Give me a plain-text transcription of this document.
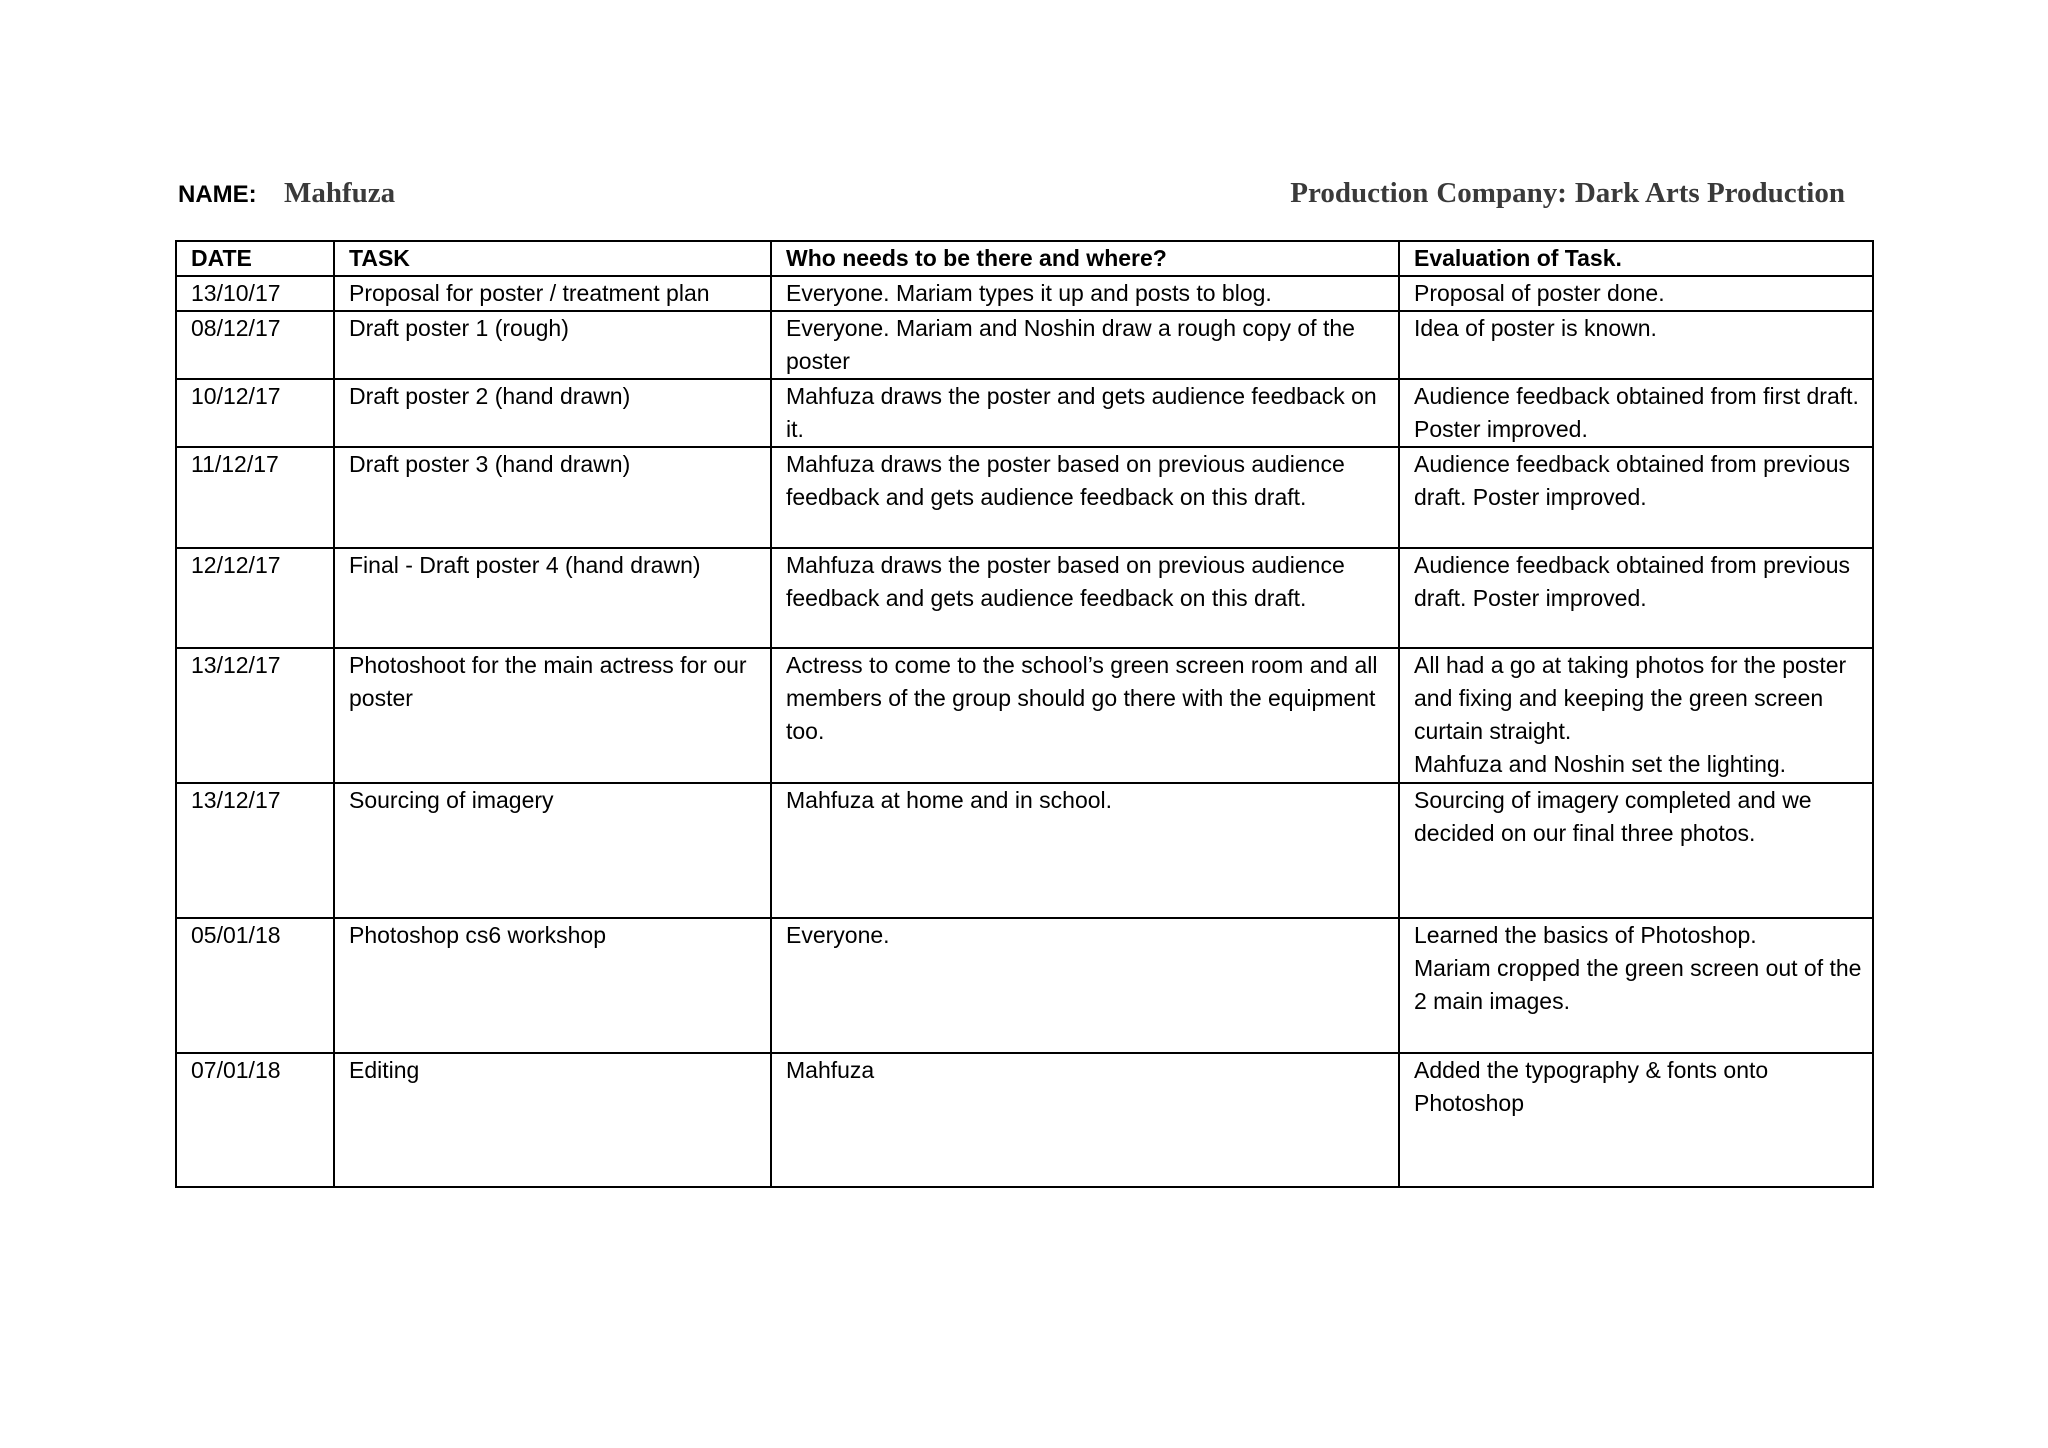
NAME: Mahfuza	Production Company: Dark Arts Production
DATE	TASK	Who needs to be there and where?	Evaluation of Task.
13/10/17	Proposal for poster / treatment plan	Everyone. Mariam types it up and posts to blog.	Proposal of poster done.

08/12/17	Draft poster 1 (rough)	Everyone. Mariam and Noshin draw a rough copy of the poster	Idea of poster is known.

10/12/17	Draft poster 2 (hand drawn)	Mahfuza draws the poster and gets audience feedback on it.	Audience feedback obtained from first draft. Poster improved.

11/12/17	Draft poster 3 (hand drawn)	Mahfuza draws the poster based on previous audience feedback and gets audience feedback on this draft.	Audience feedback obtained from previous draft. Poster improved.

12/12/17	Final - Draft poster 4 (hand drawn)	Mahfuza draws the poster based on previous audience feedback and gets audience feedback on this draft.	Audience feedback obtained from previous draft. Poster improved.

13/12/17	Photoshoot for the main actress for our poster	Actress to come to the school’s green screen room and all members of the group should go there with the equipment too.	All had a go at taking photos for the poster and fixing and keeping the green screen curtain straight.
Mahfuza and Noshin set the lighting.

13/12/17	Sourcing of imagery	Mahfuza at home and in school.	Sourcing of imagery completed and we decided on our final three photos.

05/01/18	Photoshop cs6 workshop	Everyone.	Learned the basics of Photoshop.
Mariam cropped the green screen out of the 2 main images.

07/01/18	Editing	Mahfuza	Added the typography & fonts onto Photoshop
